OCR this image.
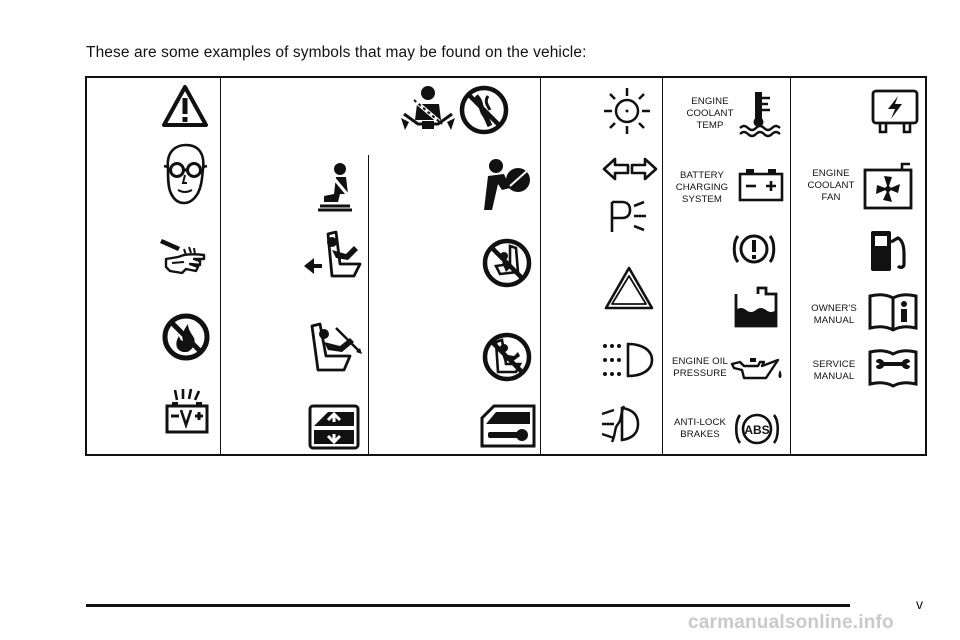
These are some examples of symbols that may be found on the vehicle:
ENGINE
COOLANT
TEMP
BATTERY
CHARGING
SYSTEM
ENGINE OIL
PRESSURE
ANTI-LOCK
BRAKES	ABS
ENGINE
COOLANT
FAN
OWNER'S
MANUAL
SERVICE
MANUAL
v
carmanualsonline.info
